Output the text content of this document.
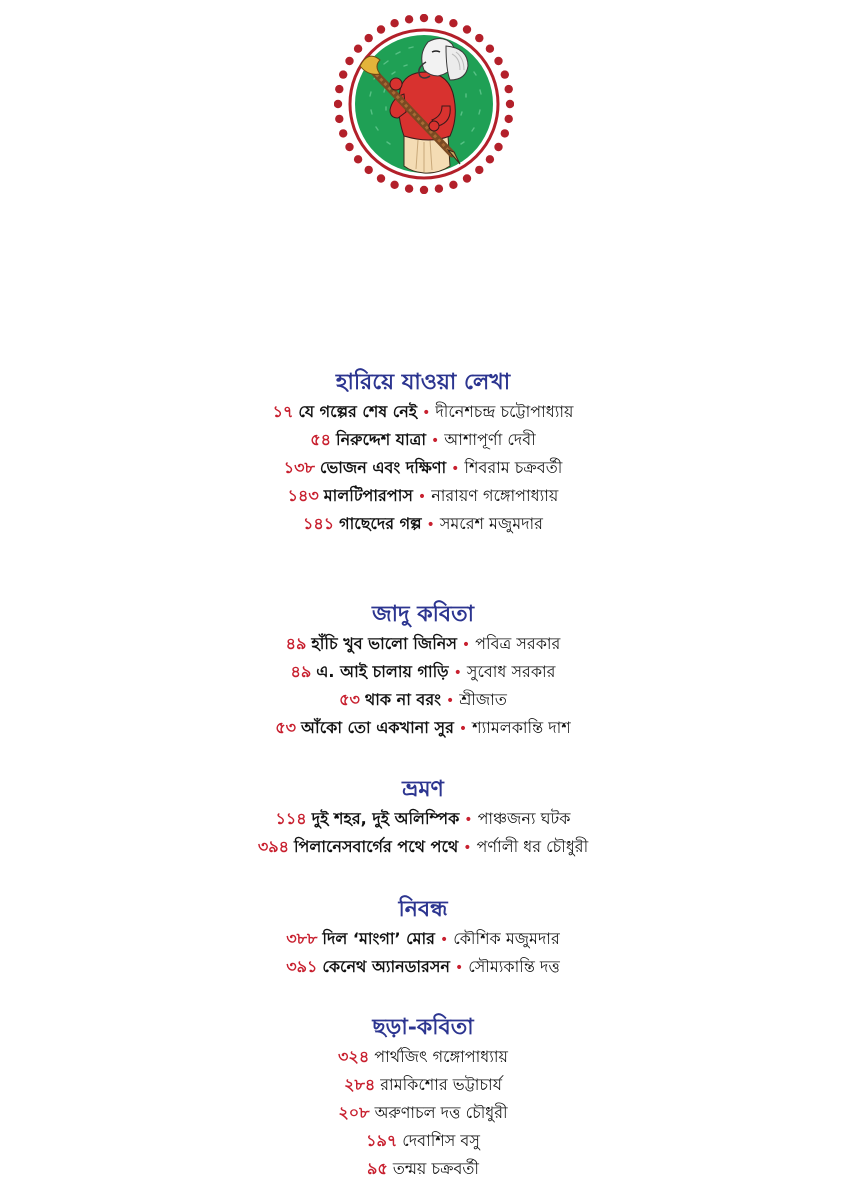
হারিয়ে যাওয়া লেখা
১৭ যে গল্পের শেষ নেই • দীনেশচন্দ্র চট্টোপাধ্যায়
৫৪ নিরুদ্দেশ যাত্রা • আশাপূর্ণা দেবী
১৩৮ ভোজন এবং দক্ষিণা • শিবরাম চক্রবর্তী
১৪৩ মালটিপারপাস • নারায়ণ গঙ্গোপাধ্যায়
১৪১ গাছেদের গল্প • সমরেশ মজুমদার
জাদু কবিতা
৪৯ হাঁচি খুব ভালো জিনিস • পবিত্র সরকার
৪৯ এ. আই চালায় গাড়ি • সুবোধ সরকার
৫৩ থাক না বরং • শ্রীজাত
৫৩ আঁকো তো একখানা সুর • শ্যামলকান্তি দাশ
ভ্রমণ
১১৪ দুই শহর, দুই অলিম্পিক • পাঞ্চজন্য ঘটক
৩৯৪ পিলানেসবার্গের পথে পথে • পর্ণালী ধর চৌধুরী
নিবন্ধ
৩৮৮ দিল ‘মাংগা’ মোর • কৌশিক মজুমদার
৩৯১ কেনেথ অ্যানডারসন • সৌম্যকান্তি দত্ত
ছড়া-কবিতা
৩২৪ পার্থজিৎ গঙ্গোপাধ্যায়
২৮৪ রামকিশোর ভট্টাচার্য
২০৮ অরুণাচল দত্ত চৌধুরী
১৯৭ দেবাশিস বসু
৯৫ তন্ময় চক্রবর্তী
